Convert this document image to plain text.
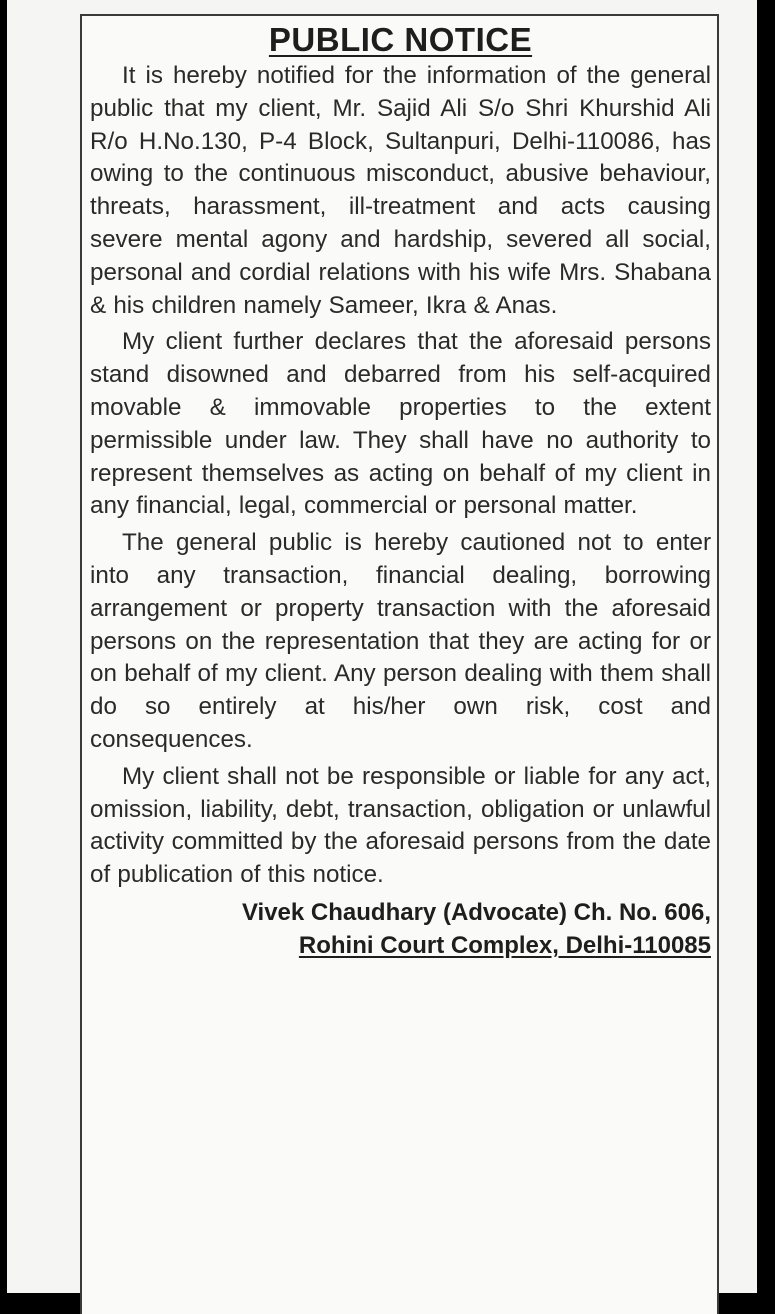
PUBLIC NOTICE

It is hereby notified for the information of the general public that my client, Mr. Sajid Ali S/o Shri Khurshid Ali R/o H.No.130, P-4 Block, Sultanpuri, Delhi-110086, has owing to the continuous misconduct, abusive behaviour, threats, harassment, ill-treatment and acts causing severe mental agony and hardship, severed all social, personal and cordial relations with his wife Mrs. Shabana & his children namely Sameer, Ikra & Anas.

My client further declares that the aforesaid persons stand disowned and debarred from his self-acquired movable & immovable properties to the extent permissible under law. They shall have no authority to represent themselves as acting on behalf of my client in any financial, legal, commercial or personal matter.

The general public is hereby cautioned not to enter into any transaction, financial dealing, borrowing arrangement or property transaction with the aforesaid persons on the representation that they are acting for or on behalf of my client. Any person dealing with them shall do so entirely at his/her own risk, cost and consequences.

My client shall not be responsible or liable for any act, omission, liability, debt, transaction, obligation or unlawful activity committed by the aforesaid persons from the date of publication of this notice.

Vivek Chaudhary (Advocate) Ch. No. 606,
Rohini Court Complex, Delhi-110085
